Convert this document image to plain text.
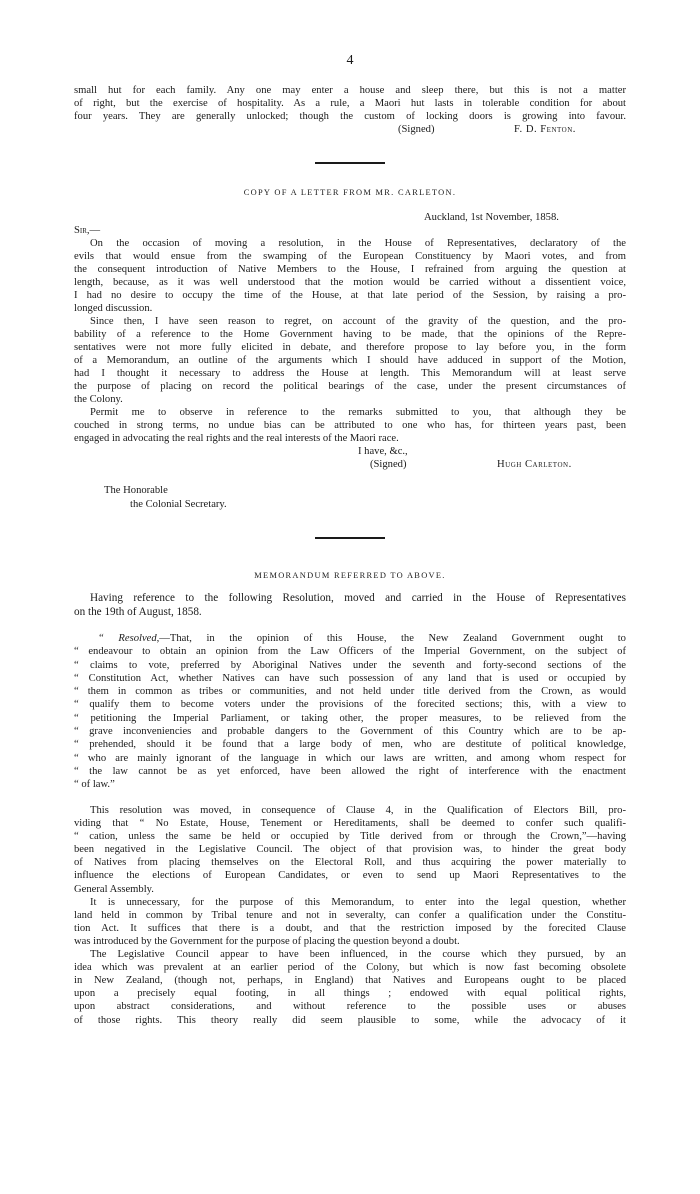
4
small hut for each family. Any one may enter a house and sleep there, but this is not a matter
of right, but the exercise of hospitality. As a rule, a Maori hut lasts in tolerable condition for about
four years. They are generally unlocked; though the custom of locking doors is growing into favour.
(Signed)	F. D. Fenton.
COPY OF A LETTER FROM MR. CARLETON.
Auckland, 1st November, 1858.
Sir,—
On the occasion of moving a resolution, in the House of Representatives, declaratory of the
evils that would ensue from the swamping of the European Constituency by Maori votes, and from
the consequent introduction of Native Members to the House, I refrained from arguing the question at
length, because, as it was well understood that the motion would be carried without a dissentient voice,
I had no desire to occupy the time of the House, at that late period of the Session, by raising a pro-
longed discussion.
Since then, I have seen reason to regret, on account of the gravity of the question, and the pro-
bability of a reference to the Home Government having to be made, that the opinions of the Repre-
sentatives were not more fully elicited in debate, and therefore propose to lay before you, in the form
of a Memorandum, an outline of the arguments which I should have adduced in support of the Motion,
had I thought it necessary to address the House at length. This Memorandum will at least serve
the purpose of placing on record the political bearings of the case, under the present circumstances of
the Colony.
Permit me to observe in reference to the remarks submitted to you, that although they be
couched in strong terms, no undue bias can be attributed to one who has, for thirteen years past, been
engaged in advocating the real rights and the real interests of the Maori race.
I have, &c.,
(Signed)	Hugh Carleton.
The Honorable
the Colonial Secretary.
MEMORANDUM REFERRED TO ABOVE.
Having reference to the following Resolution, moved and carried in the House of Representatives
on the 19th of August, 1858.
“ Resolved,—That, in the opinion of this House, the New Zealand Government ought to
“ endeavour to obtain an opinion from the Law Officers of the Imperial Government, on the subject of
“ claims to vote, preferred by Aboriginal Natives under the seventh and forty-second sections of the
“ Constitution Act, whether Natives can have such possession of any land that is used or occupied by
“ them in common as tribes or communities, and not held under title derived from the Crown, as would
“ qualify them to become voters under the provisions of the forecited sections; this, with a view to
“ petitioning the Imperial Parliament, or taking other, the proper measures, to be relieved from the
“ grave inconveniencies and probable dangers to the Government of this Country which are to be ap-
“ prehended, should it be found that a large body of men, who are destitute of political knowledge,
“ who are mainly ignorant of the language in which our laws are written, and among whom respect for
“ the law cannot be as yet enforced, have been allowed the right of interference with the enactment
“ of law.”
This resolution was moved, in consequence of Clause 4, in the Qualification of Electors Bill, pro-
viding that “ No Estate, House, Tenement or Hereditaments, shall be deemed to confer such qualifi-
“ cation, unless the same be held or occupied by Title derived from or through the Crown,”—having
been negatived in the Legislative Council. The object of that provision was, to hinder the great body
of Natives from placing themselves on the Electoral Roll, and thus acquiring the power materially to
influence the elections of European Candidates, or even to send up Maori Representatives to the
General Assembly.
It is unnecessary, for the purpose of this Memorandum, to enter into the legal question, whether
land held in common by Tribal tenure and not in severalty, can confer a qualification under the Constitu-
tion Act. It suffices that there is a doubt, and that the restriction imposed by the forecited Clause
was introduced by the Government for the purpose of placing the question beyond a doubt.
The Legislative Council appear to have been influenced, in the course which they pursued, by an
idea which was prevalent at an earlier period of the Colony, but which is now fast becoming obsolete
in New Zealand, (though not, perhaps, in England) that Natives and Europeans ought to be placed
upon a precisely equal footing, in all things ; endowed with equal political rights,
upon abstract considerations, and without reference to the possible uses or abuses
of those rights. This theory really did seem plausible to some, while the advocacy of it
